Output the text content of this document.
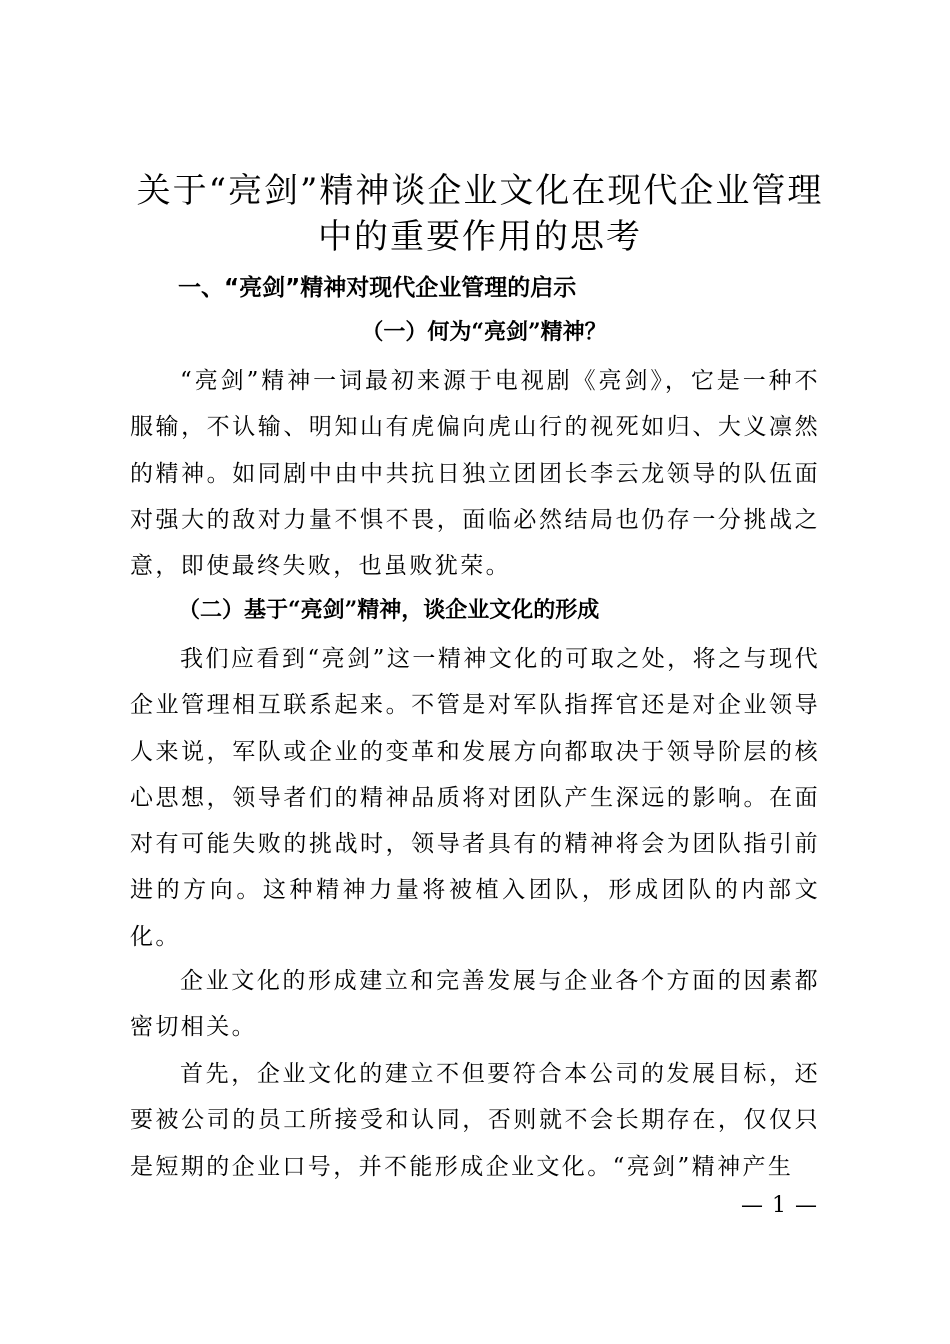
关于“亮剑”精神谈企业文化在现代企业管理
中的重要作用的思考
一、“亮剑”精神对现代企业管理的启示
（一）何为“亮剑”精神？

“亮剑”精神一词最初来源于电视剧《亮剑》，它是一种不服输，不认输、明知山有虎偏向虎山行的视死如归、大义凛然的精神。如同剧中由中共抗日独立团团长李云龙领导的队伍面对强大的敌对力量不惧不畏，面临必然结局也仍存一分挑战之意，即使最终失败，也虽败犹荣。

（二）基于“亮剑”精神，谈企业文化的形成

我们应看到“亮剑”这一精神文化的可取之处，将之与现代企业管理相互联系起来。不管是对军队指挥官还是对企业领导人来说，军队或企业的变革和发展方向都取决于领导阶层的核心思想，领导者们的精神品质将对团队产生深远的影响。在面对有可能失败的挑战时，领导者具有的精神将会为团队指引前进的方向。这种精神力量将被植入团队，形成团队的内部文化。

企业文化的形成建立和完善发展与企业各个方面的因素都密切相关。

首先，企业文化的建立不但要符合本公司的发展目标，还要被公司的员工所接受和认同，否则就不会长期存在，仅仅只是短期的企业口号，并不能形成企业文化。“亮剑”精神产生

— 1 —
